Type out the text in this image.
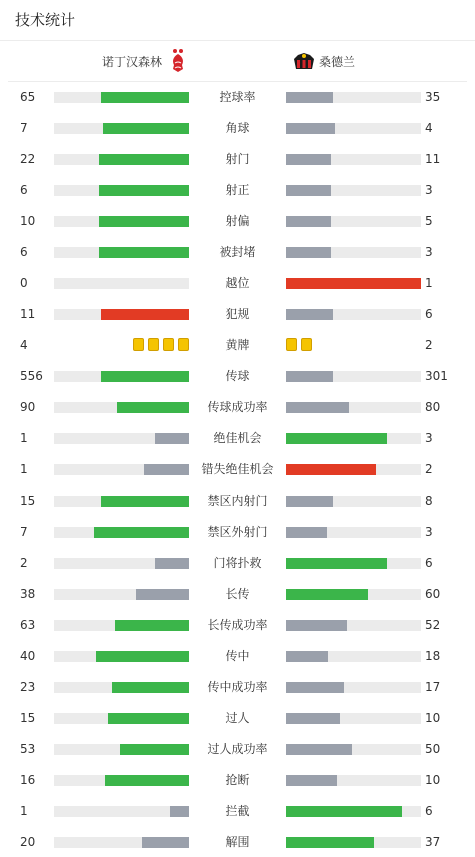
技术统计
诺丁汉森林	桑德兰
65	控球率	35
7	角球	4
22	射门	11
6	射正	3
10	射偏	5
6	被封堵	3
0	越位	1
11	犯规	6
4	黄牌	2
556	传球	301
90	传球成功率	80
1	绝佳机会	3
1	错失绝佳机会	2
15	禁区内射门	8
7	禁区外射门	3
2	门将扑救	6
38	长传	60
63	长传成功率	52
40	传中	18
23	传中成功率	17
15	过人	10
53	过人成功率	50
16	抢断	10
1	拦截	6
20	解围	37
